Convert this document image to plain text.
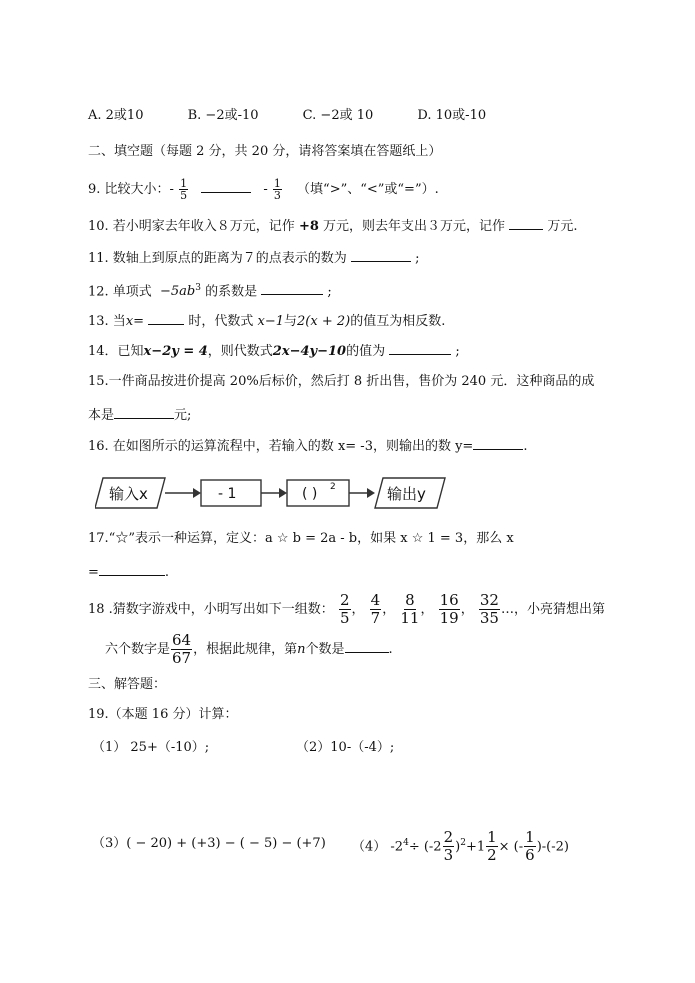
A. 2或10	B. −2或-10	C. −2或 10	D. 10或-10
二、填空题（每题 2 分，共 20 分，请将答案填在答题纸上）
9. 比较大小：- $\frac{1}{5}$	- $\frac{1}{3}$ （填“>”、“<”或“=”）.
10. 若小明家去年收入８万元，记作 +8 万元，则去年支出３万元，记作	万元.
11. 数轴上到原点的距离为７的点表示的数为	;
12. 单项式 $-5ab^3$ 的系数是	;
13. 当x=	时，代数式 x−1与2(x + 2)的值互为相反数.
14．已知x−2y = 4，则代数式2x−4y−10的值为	;
15.一件商品按进价提高 20%后标价，然后打 8 折出售，售价为 240 元．这种商品的成
本是	元;
16. 在如图所示的运算流程中，若输入的数 x= -3，则输出的数 y=	.
输入x	- 1	( ) 2	输出y
17.“☆”表示一种运算，定义：a ☆ b = 2a - b，如果 x ☆ 1 = 3，那么 x
=	.
18 .猜数字游戏中，小明写出如下一组数： $\frac{2}{5}$ ， $\frac{4}{7}$ ， $\frac{8}{11}$ ， $\frac{16}{19}$ ， $\frac{32}{35}$ …，小亮猜想出第
六个数字是 $\frac{64}{67}$ ，根据此规律，第n个数是	.
三、解答题：
19.（本题 16 分）计算：
（1） 25+（-10）;	（2）10-（-4）;
（3）( − 20) + (+3) − ( − 5) − (+7) （4） $-2^4\div (-2 \frac{2}{3} )^2+1 \frac{1}{2}$ × (- $\frac{1}{6} )-(-2)$
